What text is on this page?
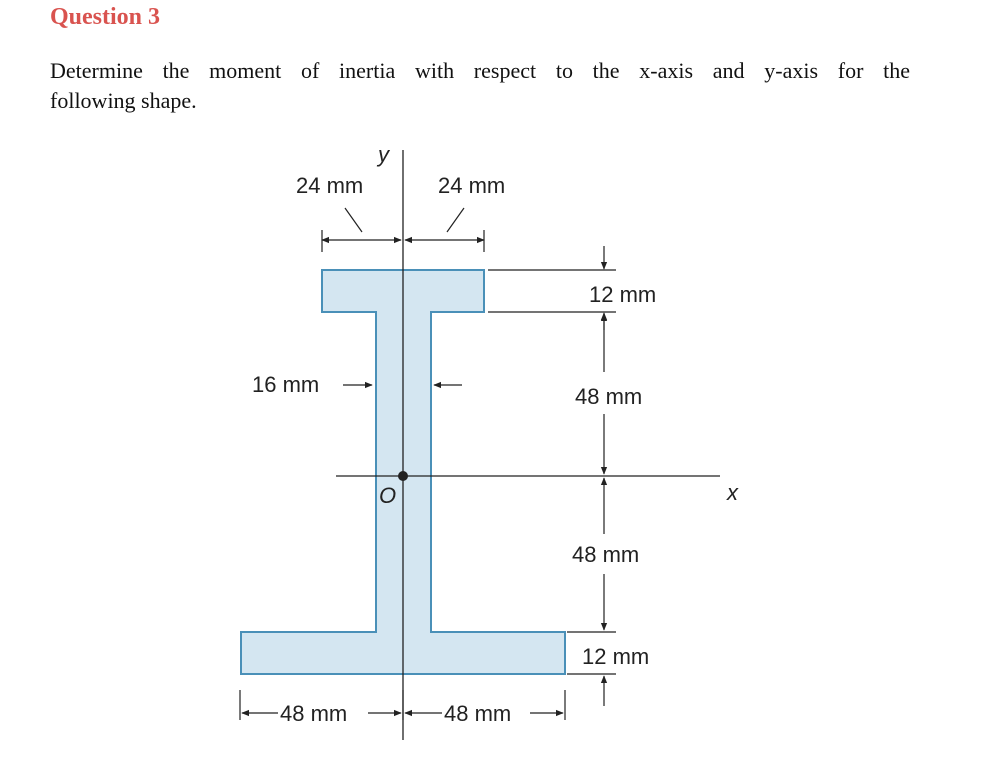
Question 3
Determine the moment of inertia with respect to the x-axis and y-axis for the
following shape.
y
x
O
24 mm	24 mm
16 mm
12 mm
48 mm
48 mm
12 mm
48 mm	48 mm
